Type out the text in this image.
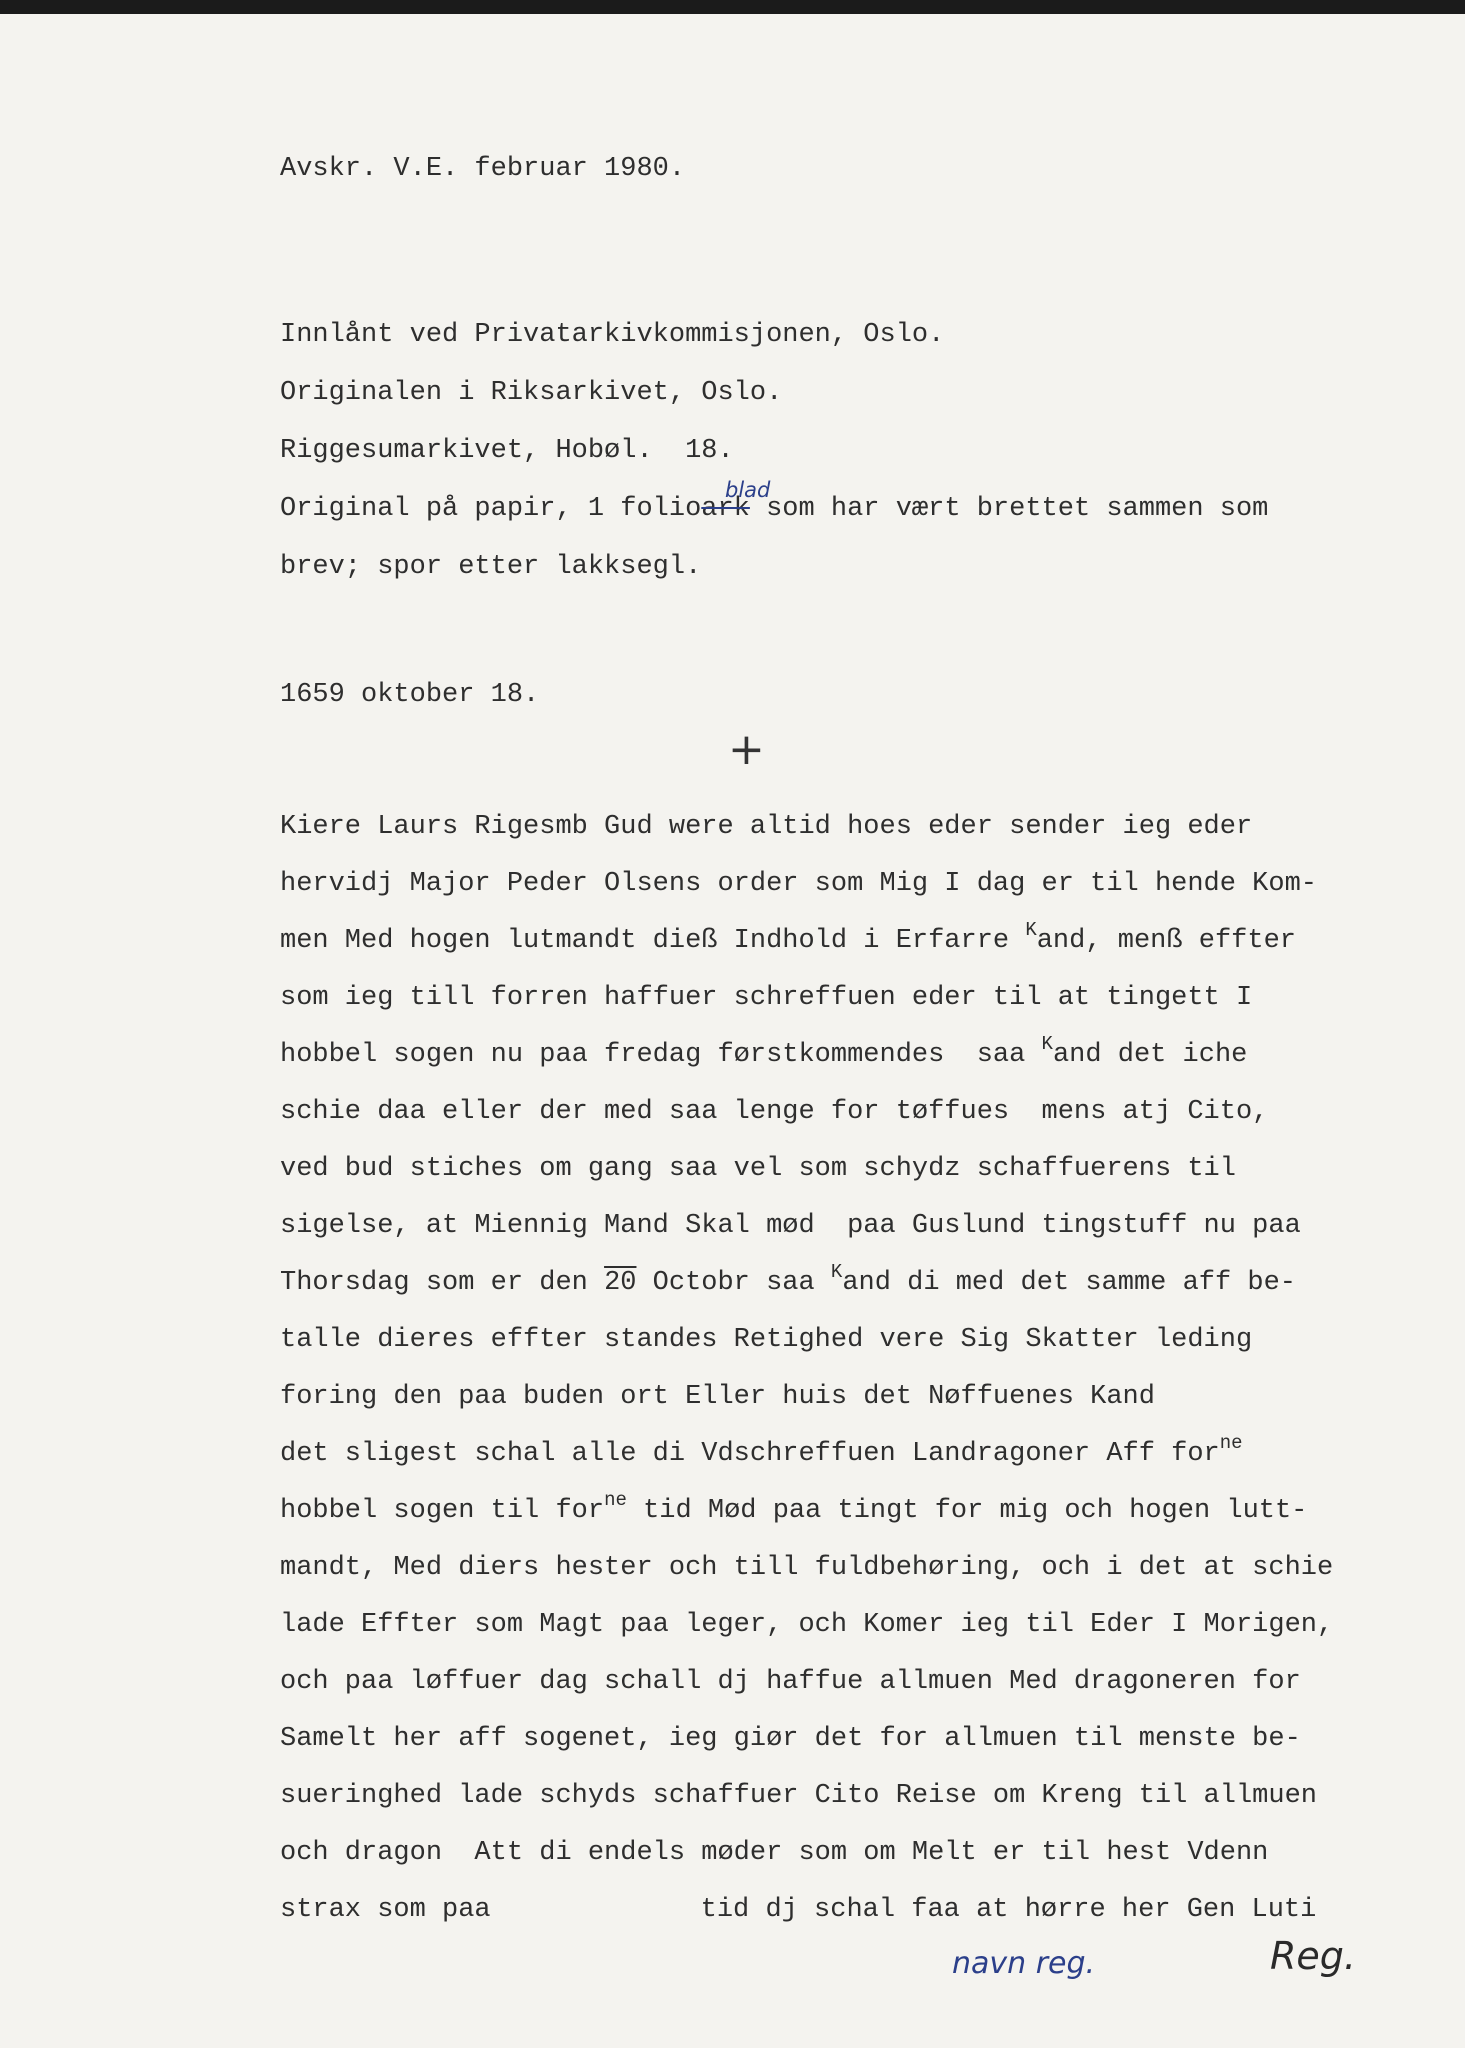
Avskr. V.E. februar 1980.

Innlånt ved Privatarkivkommisjonen, Oslo.

Originalen i Riksarkivet, Oslo.

Riggesumarkivet, Hobøl.  18.

Original på papir, 1 folioark som har vært brettet sammen som

brev; spor etter lakksegl.

1659 oktober 18.

Kiere Laurs Rigesmb Gud were altid hoes eder sender ieg eder

hervidj Major Peder Olsens order som Mig I dag er til hende Kom-

men Med hogen lutmandt dieß Indhold i Erfarre $^K$and, menß effter

som ieg till forren haffuer schreffuen eder til at tingett I

hobbel sogen nu paa fredag førstkommendes  saa $^K$and det iche

schie daa eller der med saa lenge for tøffues  mens atj Cito,

ved bud stiches om gang saa vel som schydz schaffuerens til

sigelse, at Miennig Mand Skal mød  paa Guslund tingstuff nu paa

Thorsdag som er den 20 Octobr saa $^K$and di med det samme aff be-

talle dieres effter standes Retighed vere Sig Skatter leding

foring den paa buden ort Eller huis det Nøffuenes Kand

det sligest schal alle di Vdschreffuen Landragoner Aff for$^{ne}$

hobbel sogen til for$^{ne}$ tid Mød paa tingt for mig och hogen lutt-

mandt, Med diers hester och till fuldbehøring, och i det at schie

lade Effter som Magt paa leger, och Komer ieg til Eder I Morigen,

och paa løffuer dag schall dj haffue allmuen Med dragoneren for

Samelt her aff sogenet, ieg giør det for allmuen til menste be-

sueringhed lade schyds schaffuer Cito Reise om Kreng til allmuen

och dragon  Att di endels møder som om Melt er til hest Vdenn

strax som paa	tid dj schal faa at hørre her Gen Luti

blad
+
navn reg.	Reg.
